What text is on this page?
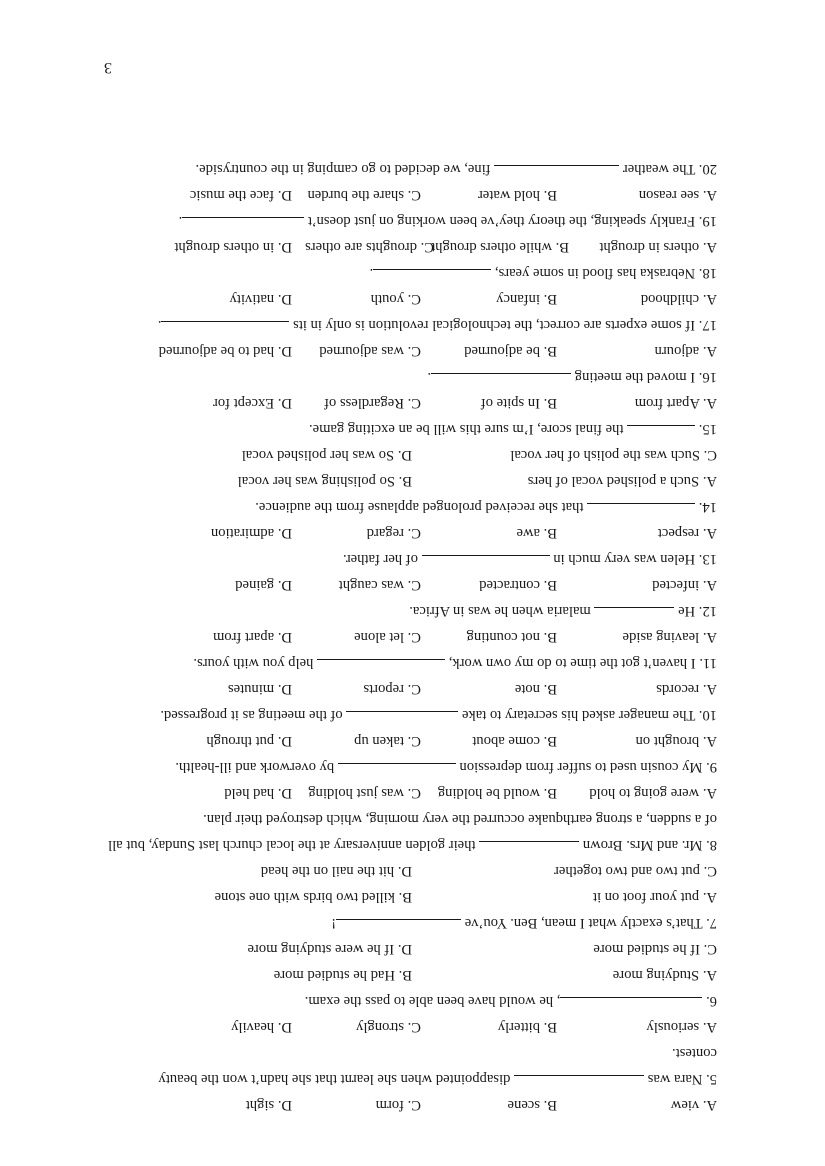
A. view
B. scene
C. form
D. sight
5. Nara was  disappointed when she learnt that she hadn’t won the beauty
contest.
A. seriously
B. bitterly
C. strongly
D. heavily
6. , he would have been able to pass the exam.
A. Studying more
B. Had he studied more
C. If he studied more
D. If he were studying more
7. That’s exactly what I mean, Ben. You’ve !
A. put your foot on it
B. killed two birds with one stone
C. put two and two together
D. hit the nail on the head
8. Mr. and Mrs. Brown  their golden anniversary at the local church last Sunday, but all
of a sudden, a strong earthquake occurred the very morning, which destroyed their plan.
A. were going to hold
B. would be holding
C. was just holding
D. had held
9. My cousin used to suffer from depression  by overwork and ill-health.
A. brought on
B. come about
C. taken up
D. put through
10. The manager asked his secretary to take  of the meeting as it progressed.
A. records
B. note
C. reports
D. minutes
11. I haven’t got the time to do my own work,  help you with yours.
A. leaving aside
B. not counting
C. let alone
D. apart from
12. He  malaria when he was in Africa.
A. infected
B. contracted
C. was caught
D. gained
13. Helen was very much in  of her father.
A. respect
B. awe
C. regard
D. admiration
14.  that she received prolonged applause from the audience.
A. Such a polished vocal of hers
B. So polishing was her vocal
C. Such was the polish of her vocal
D. So was her polished vocal
15.  the final score, I’m sure this will be an exciting game.
A. Apart from
B. In spite of
C. Regardless of
D. Except for
16. I moved the meeting .
A. adjourn
B. be adjourned
C. was adjourned
D. had to be adjourned
17. If some experts are correct, the technological revolution is only in its .
A. childhood
B. infancy
C. youth
D. nativity
18. Nebraska has flood in some years, .
A. others in drought
B. while others drought
C. droughts are others
D. in others drought
19. Frankly speaking, the theory they’ve been working on just doesn’t .
A. see reason
B. hold water
C. share the burden
D. face the music
20. The weather  fine, we decided to go camping in the countryside.
3
